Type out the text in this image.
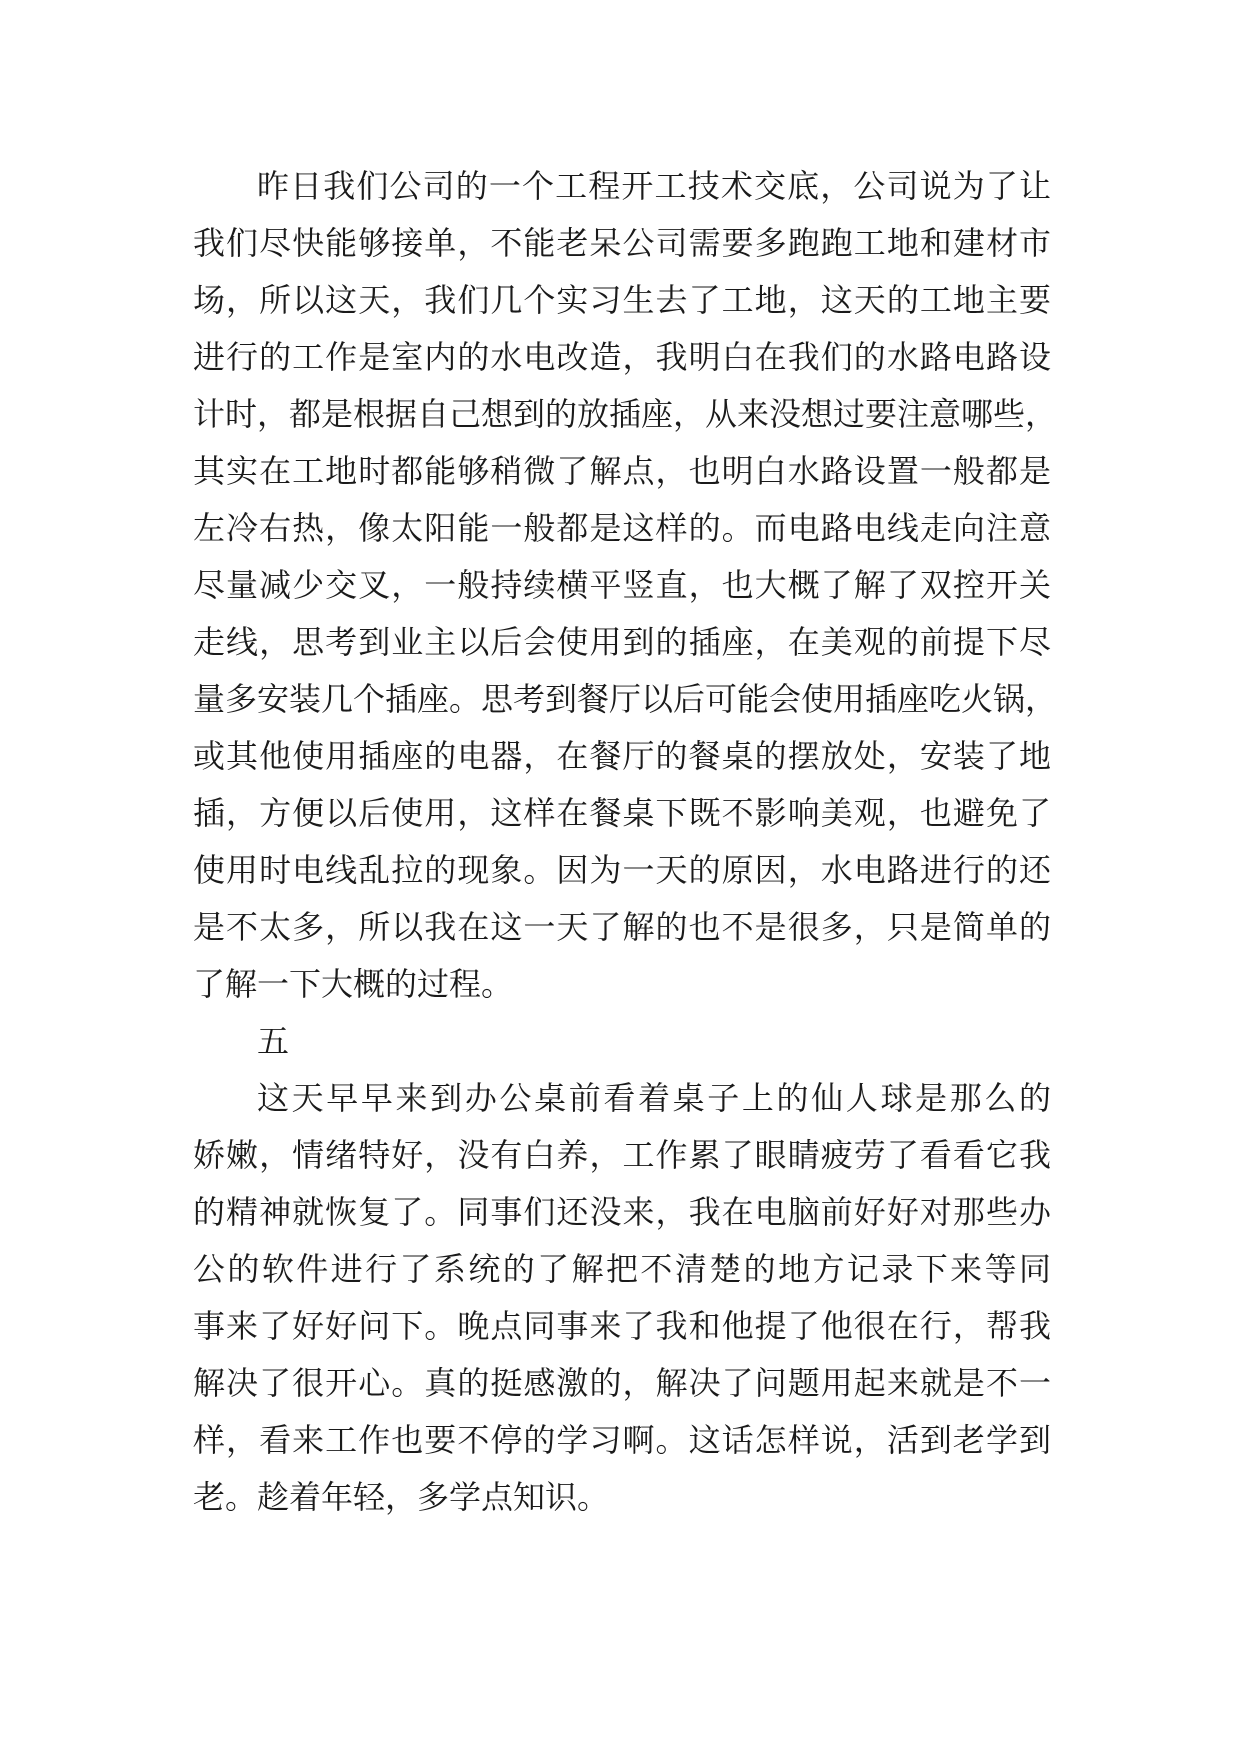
昨日我们公司的一个工程开工技术交底，公司说为了让
我们尽快能够接单，不能老呆公司需要多跑跑工地和建材市
场，所以这天，我们几个实习生去了工地，这天的工地主要
进行的工作是室内的水电改造，我明白在我们的水路电路设
计时，都是根据自己想到的放插座，从来没想过要注意哪些，
其实在工地时都能够稍微了解点，也明白水路设置一般都是
左冷右热，像太阳能一般都是这样的。而电路电线走向注意
尽量减少交叉，一般持续横平竖直，也大概了解了双控开关
走线，思考到业主以后会使用到的插座，在美观的前提下尽
量多安装几个插座。思考到餐厅以后可能会使用插座吃火锅，
或其他使用插座的电器，在餐厅的餐桌的摆放处，安装了地
插，方便以后使用，这样在餐桌下既不影响美观，也避免了
使用时电线乱拉的现象。因为一天的原因，水电路进行的还
是不太多，所以我在这一天了解的也不是很多，只是简单的
了解一下大概的过程。
五
这天早早来到办公桌前看着桌子上的仙人球是那么的
娇嫩，情绪特好，没有白养，工作累了眼睛疲劳了看看它我
的精神就恢复了。同事们还没来，我在电脑前好好对那些办
公的软件进行了系统的了解把不清楚的地方记录下来等同
事来了好好问下。晚点同事来了我和他提了他很在行，帮我
解决了很开心。真的挺感激的，解决了问题用起来就是不一
样，看来工作也要不停的学习啊。这话怎样说，活到老学到
老。趁着年轻，多学点知识。
